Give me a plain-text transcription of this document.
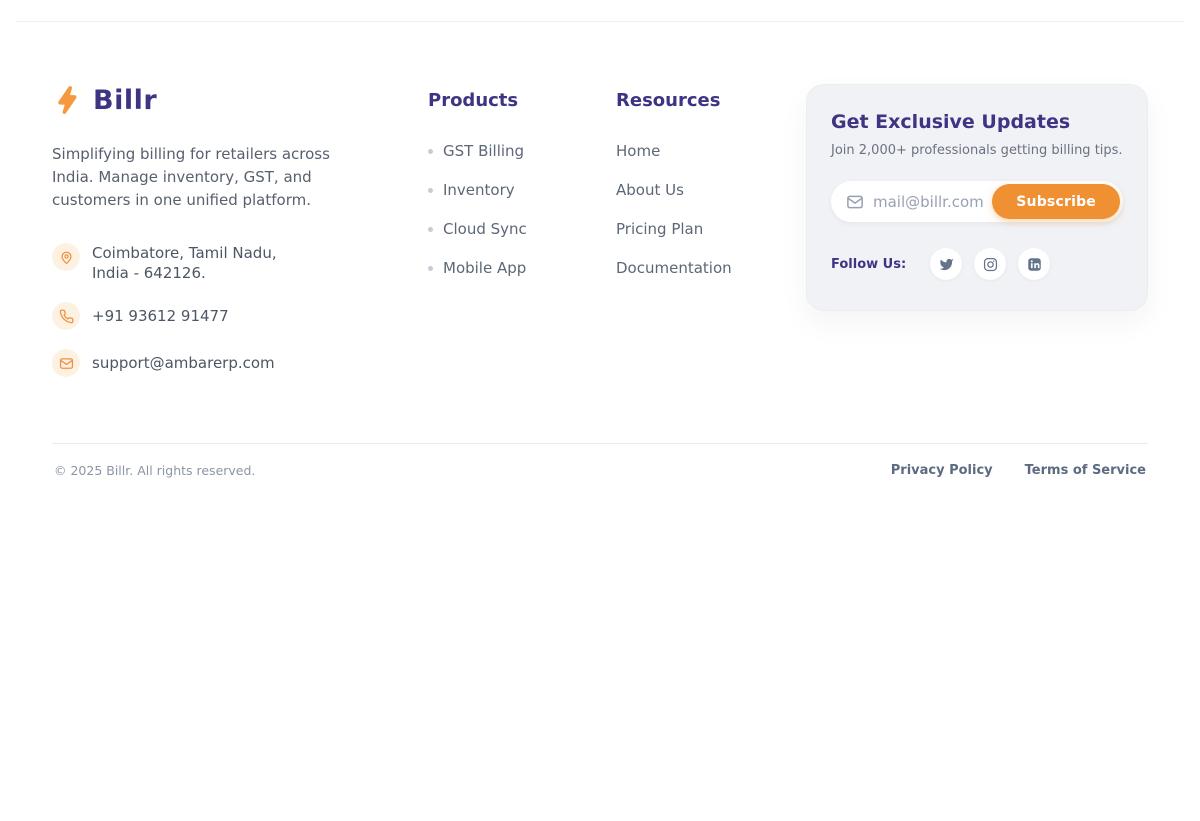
Billr

Simplifying billing for retailers across India. Manage inventory, GST, and customers in one unified platform.

Coimbatore, Tamil Nadu,
India - 642126.
+91 93612 91477
support@ambarerp.com
Products
GST Billing
Inventory
Cloud Sync
Mobile App
Resources
Home
About Us
Pricing Plan
Documentation
Get Exclusive Updates
Join 2,000+ professionals getting billing tips.
mail@billr.com
Subscribe
Follow Us:
© 2025 Billr. All rights reserved.	Privacy Policy Terms of Service
